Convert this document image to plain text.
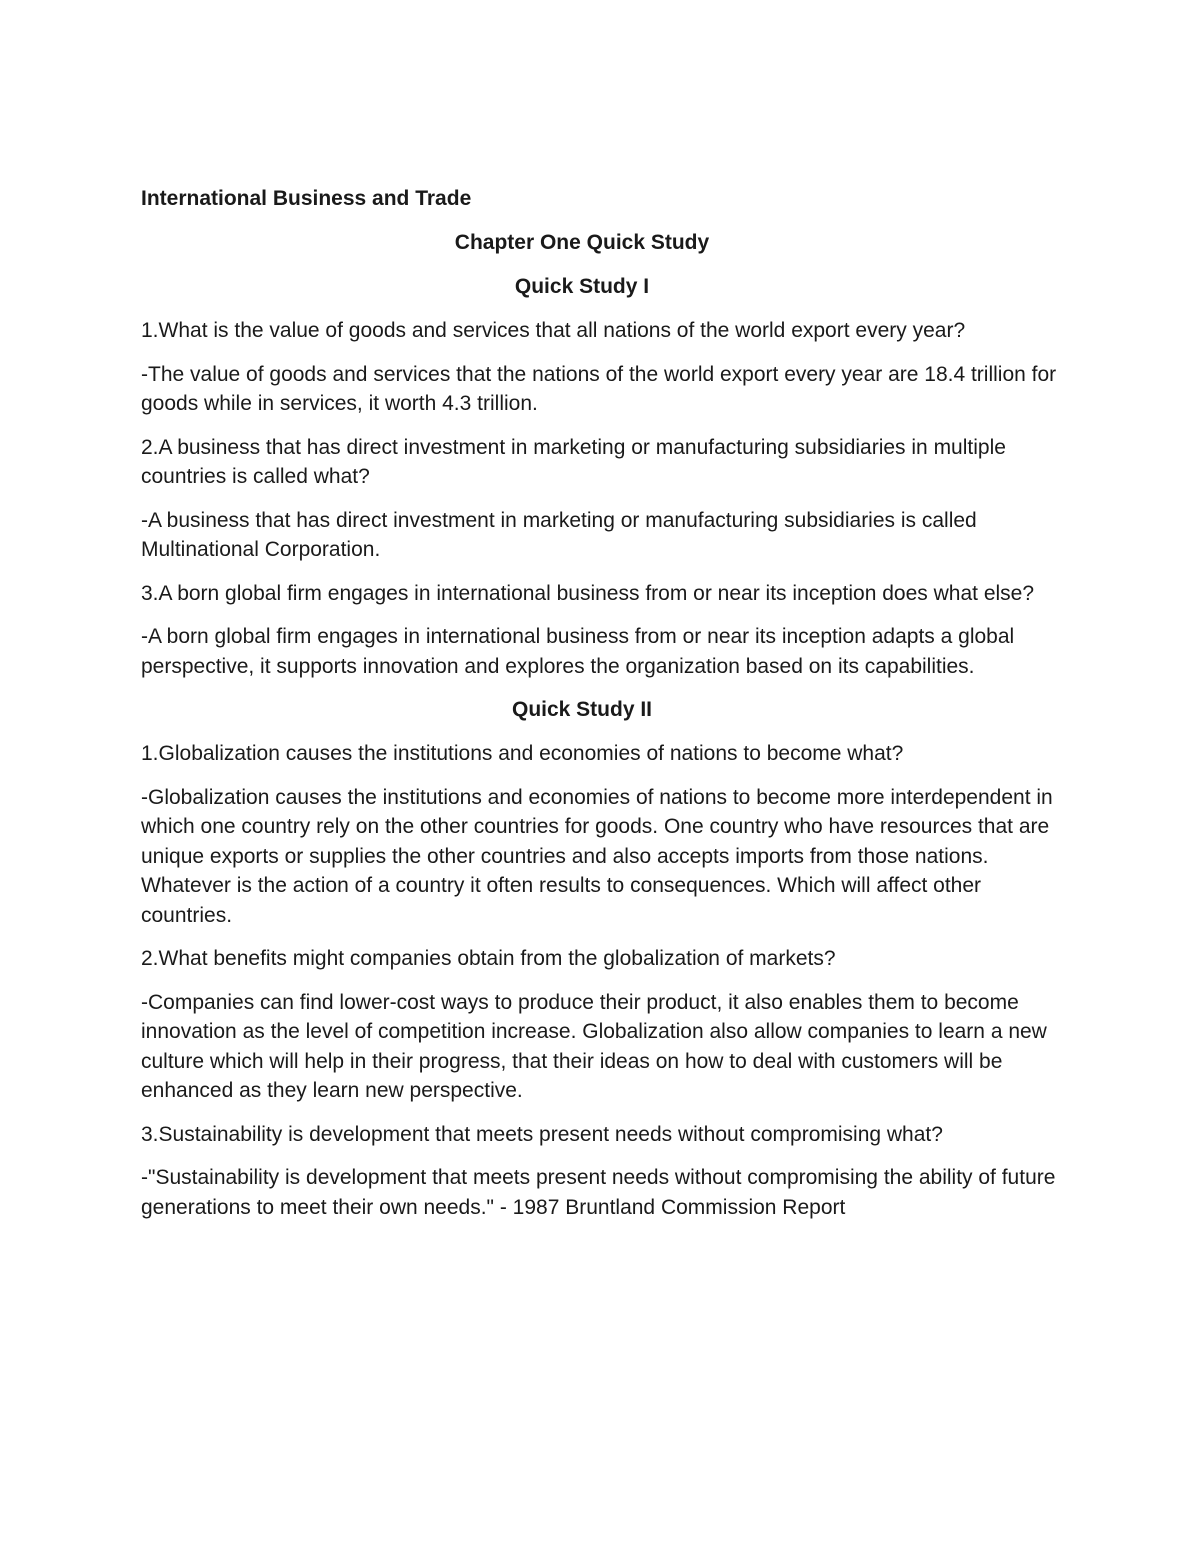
International Business and Trade
Chapter One Quick Study
Quick Study I

1.What is the value of goods and services that all nations of the world export every year?

-The value of goods and services that the nations of the world export every year are 18.4 trillion for goods while in services, it worth 4.3 trillion.

2.A business that has direct investment in marketing or manufacturing subsidiaries in multiple countries is called what?

-A business that has direct investment in marketing or manufacturing subsidiaries is called Multinational Corporation.

3.A born global firm engages in international business from or near its inception does what else?

-A born global firm engages in international business from or near its inception adapts a global perspective, it supports innovation and explores the organization based on its capabilities.

Quick Study II

1.Globalization causes the institutions and economies of nations to become what?

-Globalization causes the institutions and economies of nations to become more interdependent in which one country rely on the other countries for goods. One country who have resources that are unique exports or supplies the other countries and also accepts imports from those nations. Whatever is the action of a country it often results to consequences. Which will affect other countries.

2.What benefits might companies obtain from the globalization of markets?

-Companies can find lower-cost ways to produce their product, it also enables them to become innovation as the level of competition increase. Globalization also allow companies to learn a new culture which will help in their progress, that their ideas on how to deal with customers will be enhanced as they learn new perspective.

3.Sustainability is development that meets present needs without compromising what?

-"Sustainability is development that meets present needs without compromising the ability of future generations to meet their own needs." - 1987 Bruntland Commission Report
